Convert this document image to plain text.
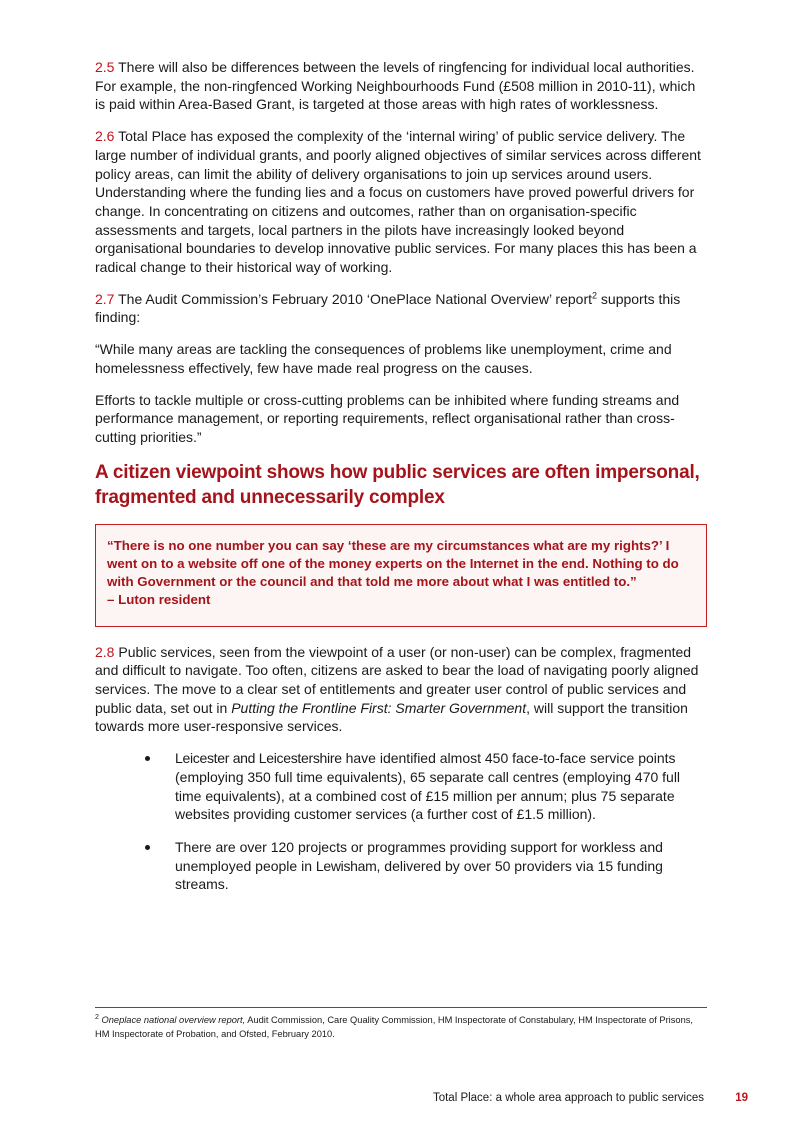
2.5 There will also be differences between the levels of ringfencing for individual local authorities. For example, the non-ringfenced Working Neighbourhoods Fund (£508 million in 2010-11), which is paid within Area-Based Grant, is targeted at those areas with high rates of worklessness.

2.6 Total Place has exposed the complexity of the ‘internal wiring’ of public service delivery. The large number of individual grants, and poorly aligned objectives of similar services across different policy areas, can limit the ability of delivery organisations to join up services around users. Understanding where the funding lies and a focus on customers have proved powerful drivers for change. In concentrating on citizens and outcomes, rather than on organisation-specific assessments and targets, local partners in the pilots have increasingly looked beyond organisational boundaries to develop innovative public services. For many places this has been a radical change to their historical way of working.

2.7 The Audit Commission’s February 2010 ‘OnePlace National Overview’ report$^2$ supports this finding:

“While many areas are tackling the consequences of problems like unemployment, crime and homelessness effectively, few have made real progress on the causes.

Efforts to tackle multiple or cross-cutting problems can be inhibited where funding streams and performance management, or reporting requirements, reflect organisational rather than cross-cutting priorities.”

A citizen viewpoint shows how public services are often impersonal, fragmented and unnecessarily complex

“There is no one number you can say ‘these are my circumstances what are my rights?’ I went on to a website off one of the money experts on the Internet in the end. Nothing to do with Government or the council and that told me more about what I was entitled to.”

– Luton resident

2.8 Public services, seen from the viewpoint of a user (or non-user) can be complex, fragmented and difficult to navigate. Too often, citizens are asked to bear the load of navigating poorly aligned services. The move to a clear set of entitlements and greater user control of public services and public data, set out in Putting the Frontline First: Smarter Government, will support the transition towards more user-responsive services.

Leicester and Leicestershire have identified almost 450 face-to-face service points (employing 350 full time equivalents), 65 separate call centres (employing 470 full time equivalents), at a combined cost of £15 million per annum; plus 75 separate websites providing customer services (a further cost of £1.5 million).
There are over 120 projects or programmes providing support for workless and unemployed people in Lewisham, delivered by over 50 providers via 15 funding streams.
$^2$ Oneplace national overview report, Audit Commission, Care Quality Commission, HM Inspectorate of Constabulary, HM Inspectorate of Prisons, HM Inspectorate of Probation, and Ofsted, February 2010.
Total Place: a whole area approach to public services	19
